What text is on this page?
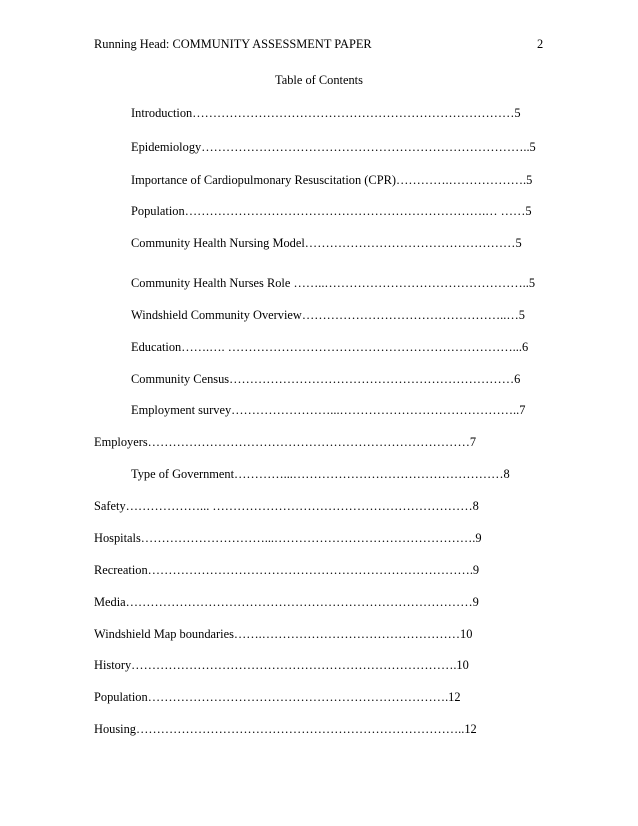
Running Head: COMMUNITY ASSESSMENT PAPER	2
Table of Contents
Introduction……………………………………………………………………5
Epidemiology……………………………………………………………………..5
Importance of Cardiopulmonary Resuscitation (CPR)………….……………….5
Population……………………………………………………………….… ……5
Community Health Nursing Model……………………………………………5
Community Health Nurses Role ……..…………………………………………..5
Windshield Community Overview…………………………………………..…5
Education…….…. ……………………………………………………………...6
Community Census……………………………………………………………6
Employment survey……………………...……………………………………..7
Employers……………………………………………………………………7
Type of Government…………...……………………………………………8
Safety………………... ………………………………………………………8
Hospitals…………………………...………………………………………….9
Recreation…………………………………………………………………….9
Media…………………………………………………………………………9
Windshield Map boundaries…….…………………………………………10
History…………………………………………………………………….10
Population……………………………………………………………….12
Housing……………………………………………………………………..12
